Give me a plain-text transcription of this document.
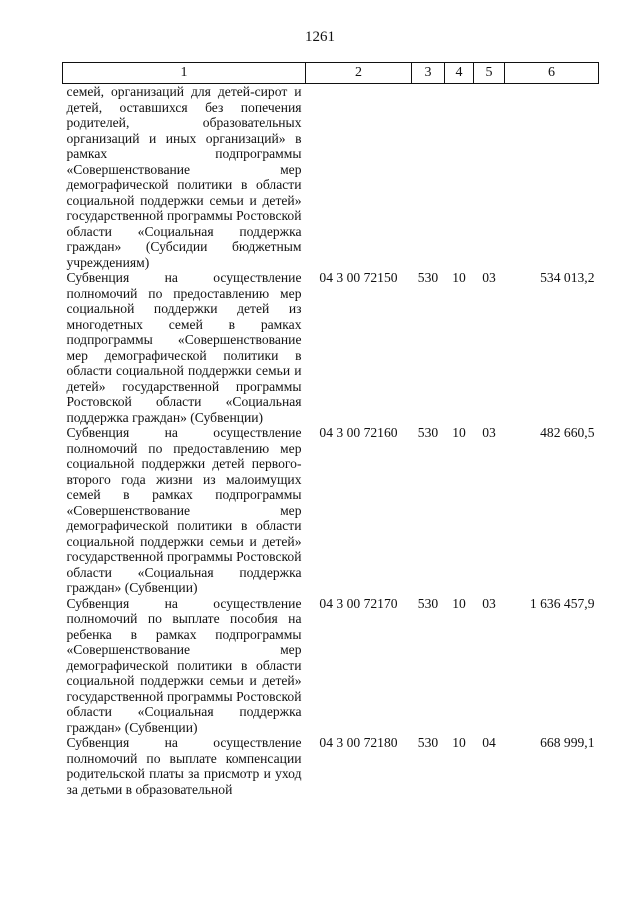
1261
1	2	3	4	5	6
семей, организаций для детей-сирот и детей, оставшихся без попечения родителей, образовательных организаций и иных организаций» в рамках подпрограммы «Совершенствование мер демографической политики в области социальной поддержки семьи и детей» государственной программы Ростовской области «Социальная поддержка граждан» (Субсидии бюджетным учреждениям)					
Субвенция на осуществление полномочий по предоставлению мер социальной поддержки детей из многодетных семей в рамках подпрограммы «Совершенствование мер демографической политики в области социальной поддержки семьи и детей» государственной программы Ростовской области «Социальная поддержка граждан» (Субвенции)	04 3 00 72150	530	10	03	534 013,2
Субвенция на осуществление полномочий по предоставлению мер социальной поддержки детей первого-второго года жизни из малоимущих семей в рамках подпрограммы «Совершенствование мер демографической политики в области социальной поддержки семьи и детей» государственной программы Ростовской области «Социальная поддержка граждан» (Субвенции)	04 3 00 72160	530	10	03	482 660,5
Субвенция на осуществление полномочий по выплате пособия на ребенка в рамках подпрограммы «Совершенствование мер демографической политики в области социальной поддержки семьи и детей» государственной программы Ростовской области «Социальная поддержка граждан» (Субвенции)	04 3 00 72170	530	10	03	1 636 457,9
Субвенция на осуществление полномочий по выплате компенсации родительской платы за присмотр и уход за детьми в образовательной	04 3 00 72180	530	10	04	668 999,1
